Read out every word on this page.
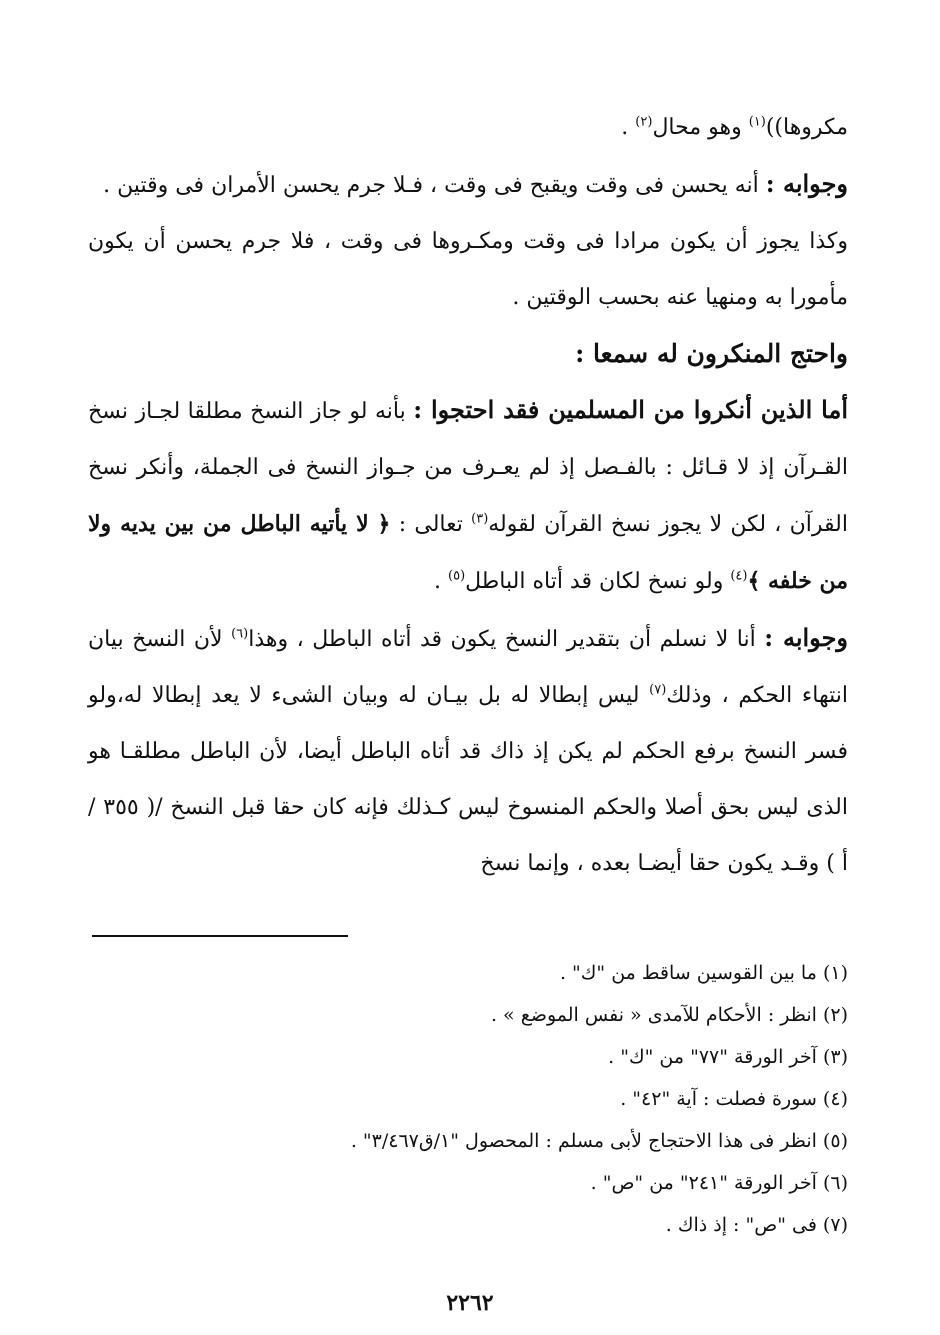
مكروها))$^{(١)}$ وهو محال$^{(٢)}$ .

وجوابه : أنه يحسن فى وقت ويقبح فى وقت ، فـلا جرم يحسن الأمران فى وقتين .

وكذا يجوز أن يكون مرادا فى وقت ومكـروها فى وقت ، فلا جرم يحسن أن يكون مأمورا به ومنهيا عنه بحسب الوقتين .

واحتج المنكرون له سمعا :

أما الذين أنكروا من المسلمين فقد احتجوا : بأنه لو جاز النسخ مطلقا لجـاز نسخ القـرآن إذ لا قـائل : بالفـصل إذ لم يعـرف من جـواز النسخ فى الجملة، وأنكر نسخ القرآن ، لكن لا يجوز نسخ القرآن لقوله$^{(٣)}$ تعالى : ﴿ لا يأتيه الباطل من بين يديه ولا من خلفه ﴾$^{(٤)}$ ولو نسخ لكان قد أتاه الباطل$^{(٥)}$ .

وجوابه : أنا لا نسلم أن بتقدير النسخ يكون قد أتاه الباطل ، وهذا$^{(٦)}$ لأن النسخ بيان انتهاء الحكم ، وذلك$^{(٧)}$ ليس إبطالا له بل بيـان له وبيان الشىء لا يعد إبطالا له،ولو فسر النسخ برفع الحكم لم يكن إذ ذاك قد أتاه الباطل أيضا، لأن الباطل مطلقـا هو الذى ليس بحق أصلا والحكم المنسوخ ليس كـذلك فإنه كان حقا قبل النسخ /( ٣٥٥ / أ ) وقـد يكون حقا أيضـا بعده ، وإنما نسخ

(١) ما بين القوسين ساقط من "ك" .
(٢) انظر : الأحكام للآمدى « نفس الموضع » .
(٣) آخر الورقة "٧٧" من "ك" .
(٤) سورة فصلت : آية "٤٢" .
(٥) انظر فى هذا الاحتجاج لأبى مسلم : المحصول "١/ق٣/٤٦٧" .
(٦) آخر الورقة "٢٤١" من "ص" .
(٧) فى "ص" : إذ ذاك .
٢٢٦٢
